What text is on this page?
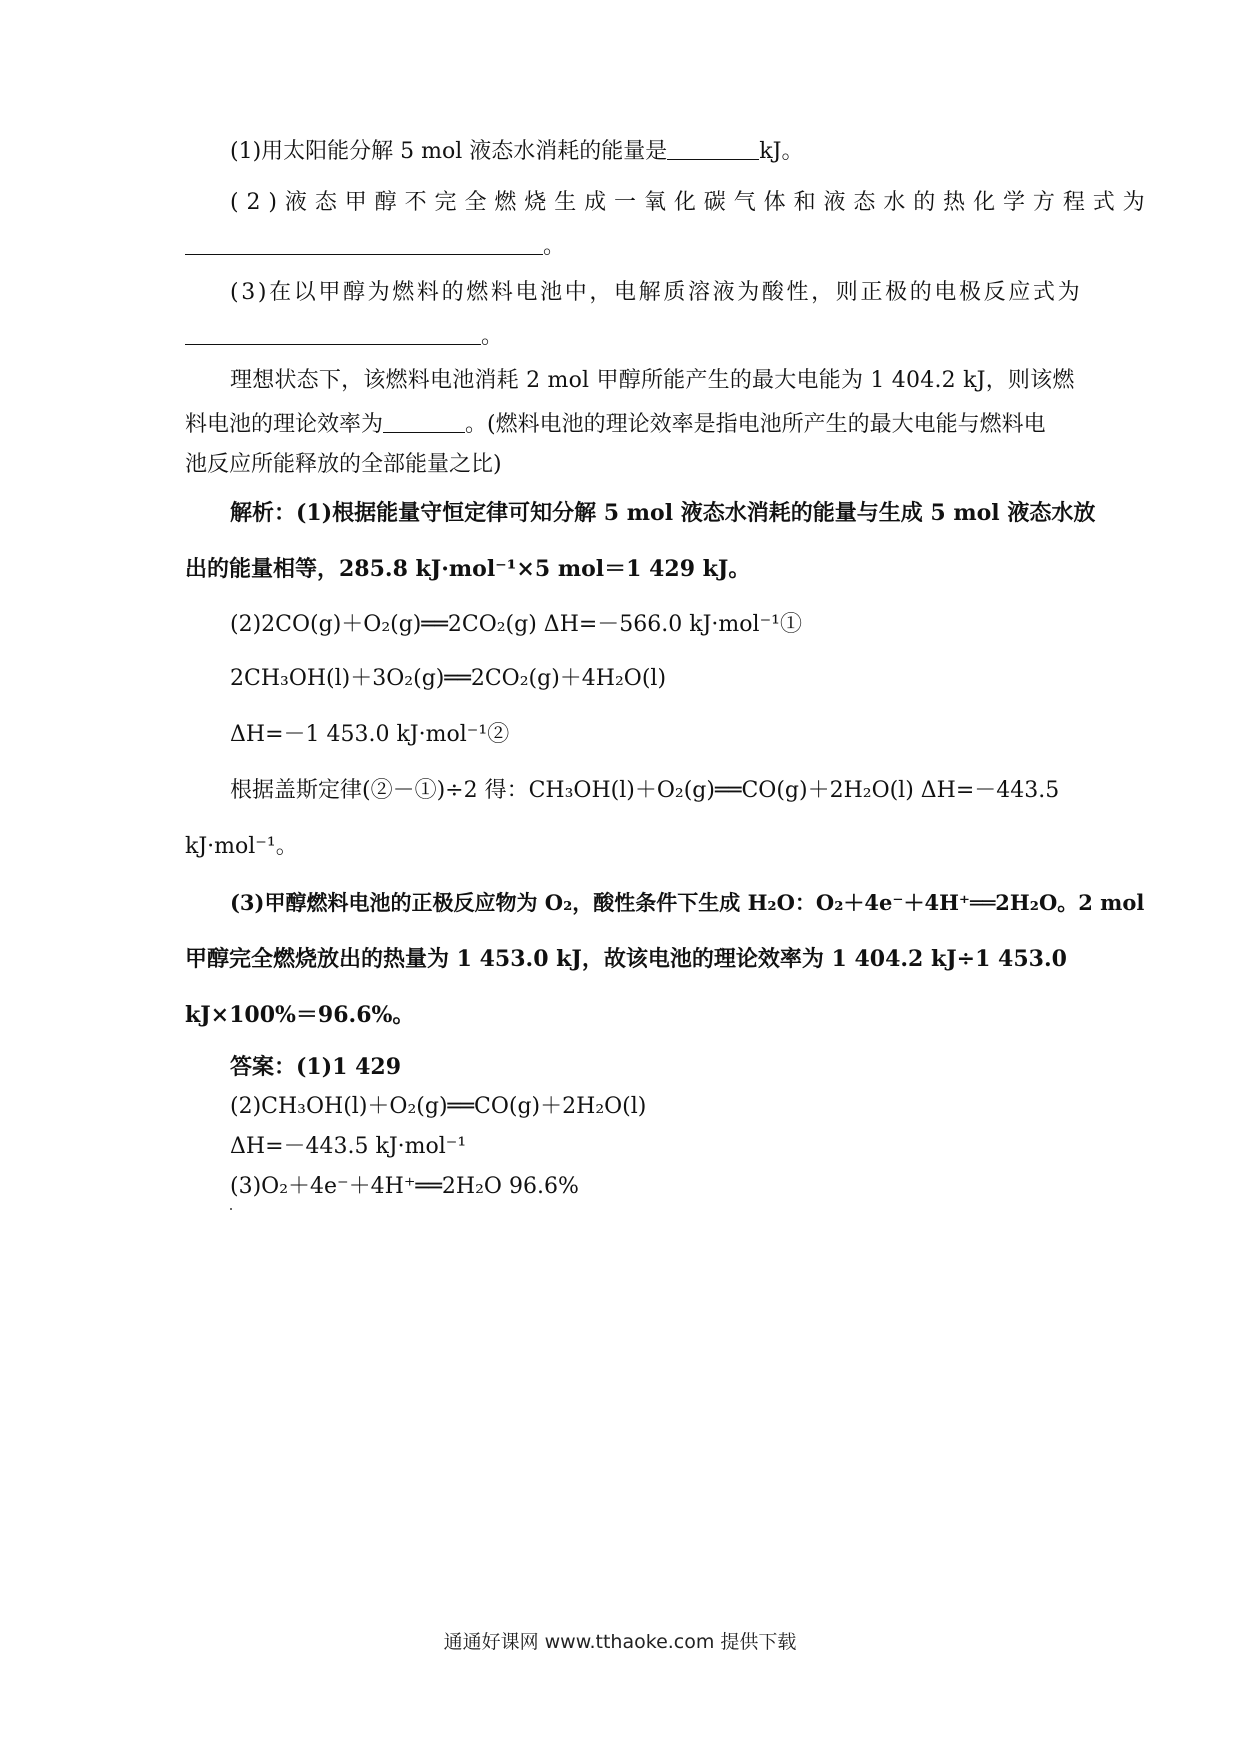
(1)用太阳能分解 5 mol 液态水消耗的能量是	kJ。
(2)液态甲醇不完全燃烧生成一氧化碳气体和液态水的热化学方程式为
。
(3)在以甲醇为燃料的燃料电池中，电解质溶液为酸性，则正极的电极反应式为
。
理想状态下，该燃料电池消耗 2 mol 甲醇所能产生的最大电能为 1 404.2 kJ，则该燃
料电池的理论效率为	。(燃料电池的理论效率是指电池所产生的最大电能与燃料电
池反应所能释放的全部能量之比)
解析：(1)根据能量守恒定律可知分解 5 mol 液态水消耗的能量与生成 5 mol 液态水放
出的能量相等，285.8 kJ·mol⁻¹×5 mol＝1 429 kJ。
(2)2CO(g)＋O₂(g)══2CO₂(g) ΔH=－566.0 kJ·mol⁻¹①
2CH₃OH(l)＋3O₂(g)══2CO₂(g)＋4H₂O(l)
ΔH=－1 453.0 kJ·mol⁻¹②
根据盖斯定律(②－①)÷2 得：CH₃OH(l)＋O₂(g)══CO(g)＋2H₂O(l) ΔH=－443.5
kJ·mol⁻¹。
(3)甲醇燃料电池的正极反应物为 O₂，酸性条件下生成 H₂O：O₂＋4e⁻＋4H⁺══2H₂O。2 mol
甲醇完全燃烧放出的热量为 1 453.0 kJ，故该电池的理论效率为 1 404.2 kJ÷1 453.0
kJ×100%＝96.6%。
答案：(1)1 429
(2)CH₃OH(l)＋O₂(g)══CO(g)＋2H₂O(l)
ΔH=－443.5 kJ·mol⁻¹
(3)O₂＋4e⁻＋4H⁺══2H₂O 96.6%
通通好课网 www.tthaoke.com 提供下载
